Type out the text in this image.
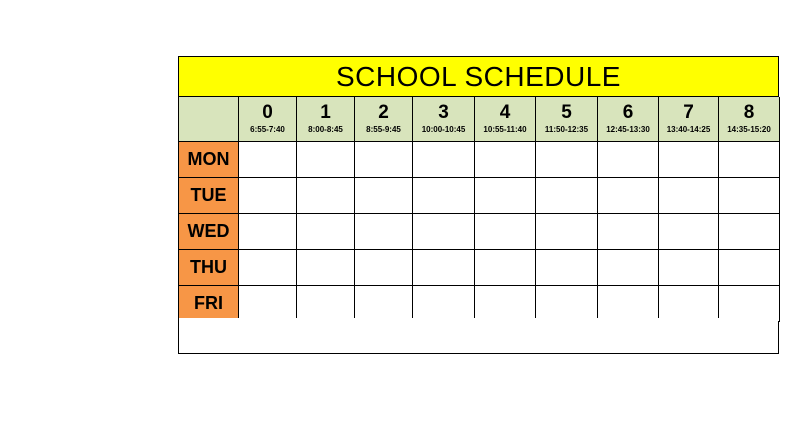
SCHOOL SCHEDULE
0
6:55-7:40
1
8:00-8:45
2
8:55-9:45
3
10:00-10:45
4
10:55-11:40
5
11:50-12:35
6
12:45-13:30
7
13:40-14:25
8
14:35-15:20
MON
TUE
WED
THU
FRI
